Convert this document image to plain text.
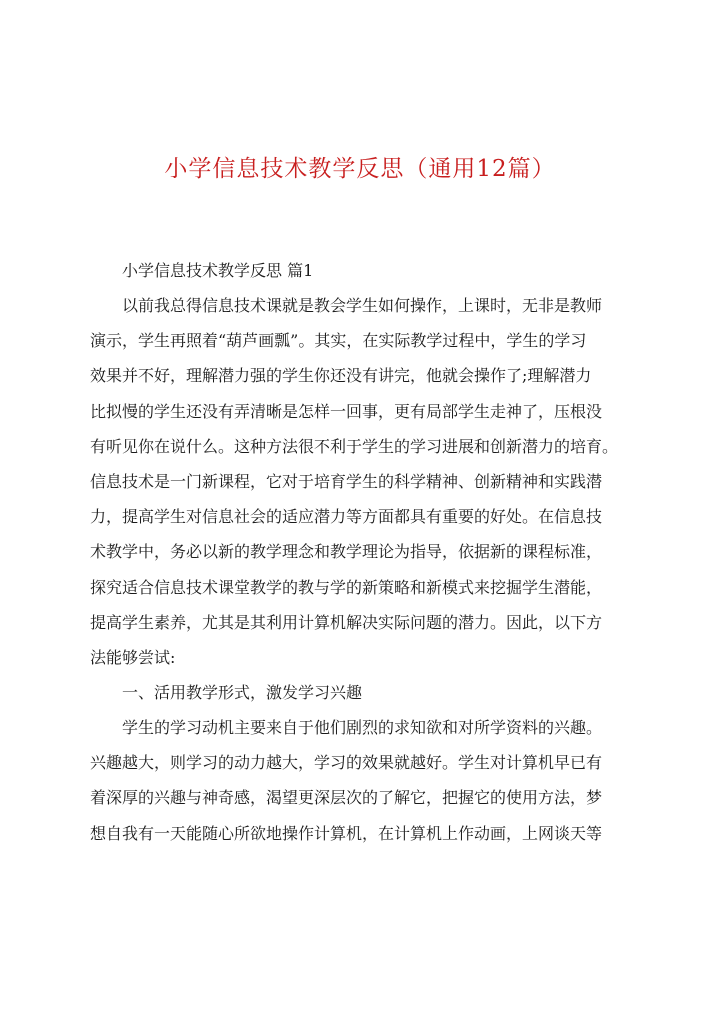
小学信息技术教学反思（通用12篇）

小学信息技术教学反思 篇1

以前我总得信息技术课就是教会学生如何操作，上课时，无非是教师
演示，学生再照着“葫芦画瓢”。其实，在实际教学过程中，学生的学习
效果并不好，理解潜力强的学生你还没有讲完，他就会操作了;理解潜力
比拟慢的学生还没有弄清晰是怎样一回事，更有局部学生走神了，压根没
有听见你在说什么。这种方法很不利于学生的学习进展和创新潜力的培育。
信息技术是一门新课程，它对于培育学生的科学精神、创新精神和实践潜
力，提高学生对信息社会的适应潜力等方面都具有重要的好处。在信息技
术教学中，务必以新的教学理念和教学理论为指导，依据新的课程标准，
探究适合信息技术课堂教学的教与学的新策略和新模式来挖掘学生潜能，
提高学生素养，尤其是其利用计算机解决实际问题的潜力。因此，以下方
法能够尝试:

一、活用教学形式，激发学习兴趣

学生的学习动机主要来自于他们剧烈的求知欲和对所学资料的兴趣。
兴趣越大，则学习的动力越大，学习的效果就越好。学生对计算机早已有
着深厚的兴趣与神奇感，渴望更深层次的了解它，把握它的使用方法，梦
想自我有一天能随心所欲地操作计算机，在计算机上作动画，上网谈天等
